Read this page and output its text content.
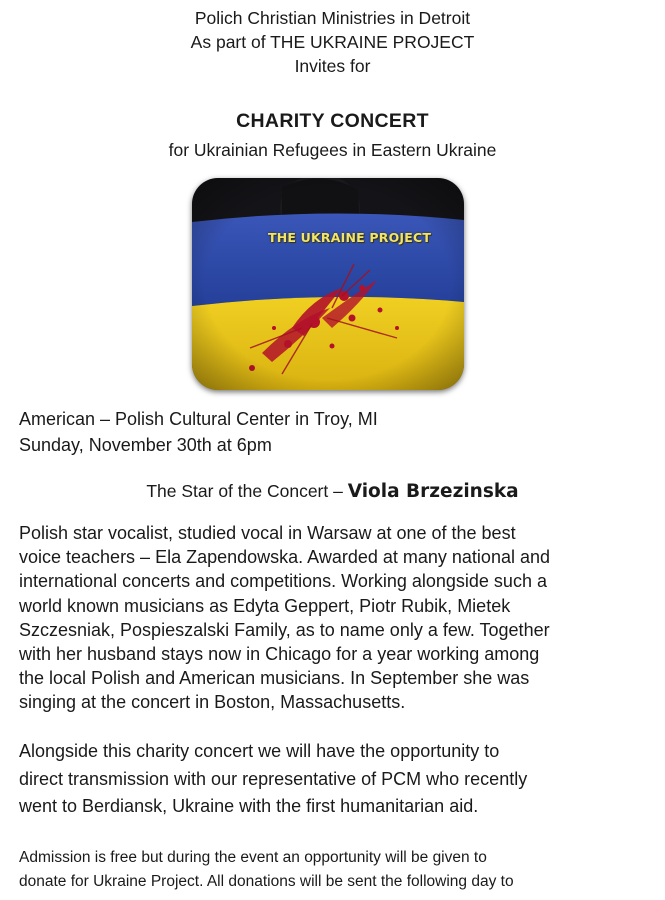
Polich Christian Ministries in Detroit
As part of THE UKRAINE PROJECT
Invites for
CHARITY CONCERT
for Ukrainian Refugees in Eastern Ukraine
THE UKRAINE PROJECT
American – Polish Cultural Center in Troy, MI
Sunday, November 30th at 6pm
The Star of the Concert – Viola Brzezinska
Polish star vocalist, studied vocal in Warsaw at one of the best
voice teachers – Ela Zapendowska. Awarded at many national and
international concerts and competitions. Working alongside such a
world known musicians as Edyta Geppert, Piotr Rubik, Mietek
Szczesniak, Pospieszalski Family, as to name only a few. Together
with her husband stays now in Chicago for a year working among
the local Polish and American musicians. In September she was
singing at the concert in Boston, Massachusetts.
Alongside this charity concert we will have the opportunity to
direct transmission with our representative of PCM who recently
went to Berdiansk, Ukraine with the first humanitarian aid.
Admission is free but during the event an opportunity will be given to
donate for Ukraine Project. All donations will be sent the following day to
